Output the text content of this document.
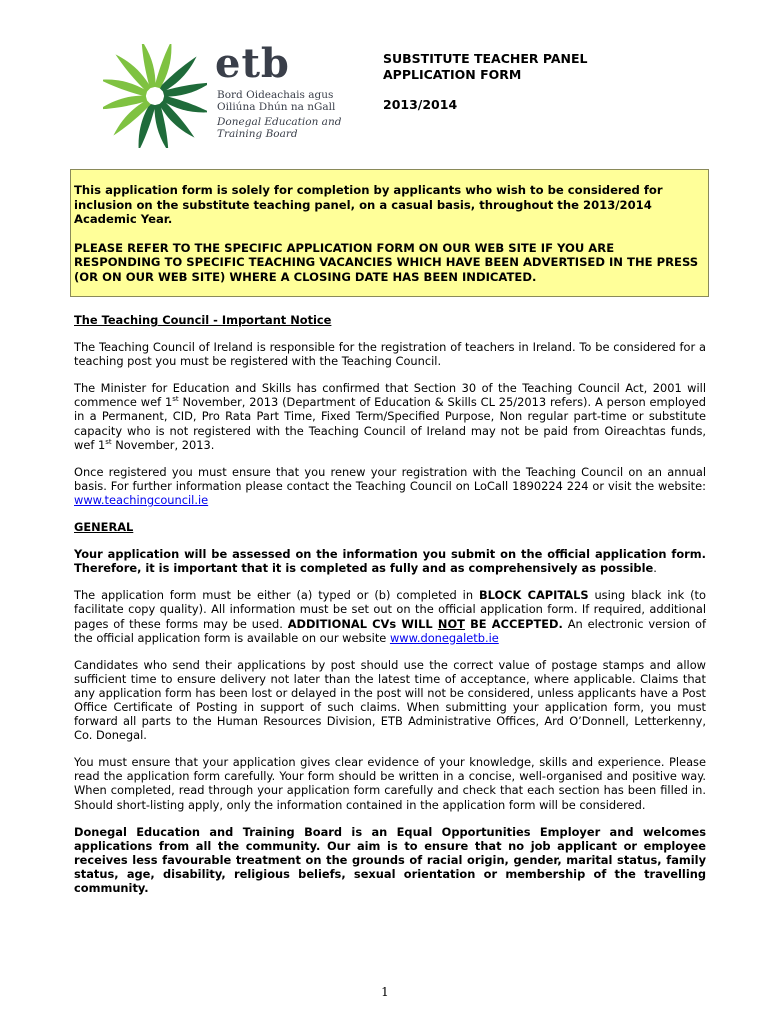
etb
Bord Oideachais agus
Oiliúna Dhún na nGall
Donegal Education and
Training Board
SUBSTITUTE TEACHER PANEL
APPLICATION FORM
2013/2014

This application form is solely for completion by applicants who wish to be considered for inclusion on the substitute teaching panel, on a casual basis, throughout the 2013/2014 Academic Year.

PLEASE REFER TO THE SPECIFIC APPLICATION FORM ON OUR WEB SITE IF YOU ARE RESPONDING TO SPECIFIC TEACHING VACANCIES WHICH HAVE BEEN ADVERTISED IN THE PRESS (OR ON OUR WEB SITE) WHERE A CLOSING DATE HAS BEEN INDICATED.

The Teaching Council - Important Notice

The Teaching Council of Ireland is responsible for the registration of teachers in Ireland. To be considered for a teaching post you must be registered with the Teaching Council.

The Minister for Education and Skills has confirmed that Section 30 of the Teaching Council Act, 2001 will commence wef 1st November, 2013 (Department of Education & Skills CL 25/2013 refers). A person employed in a Permanent, CID, Pro Rata Part Time, Fixed Term/Specified Purpose, Non regular part-time or substitute capacity who is not registered with the Teaching Council of Ireland may not be paid from Oireachtas funds, wef 1st November, 2013.

Once registered you must ensure that you renew your registration with the Teaching Council on an annual basis. For further information please contact the Teaching Council on LoCall 1890224 224 or visit the website: www.teachingcouncil.ie

GENERAL

Your application will be assessed on the information you submit on the official application form. Therefore, it is important that it is completed as fully and as comprehensively as possible.

The application form must be either (a) typed or (b) completed in BLOCK CAPITALS using black ink (to facilitate copy quality). All information must be set out on the official application form. If required, additional pages of these forms may be used. ADDITIONAL CVs WILL NOT BE ACCEPTED. An electronic version of the official application form is available on our website www.donegaletb.ie

Candidates who send their applications by post should use the correct value of postage stamps and allow sufficient time to ensure delivery not later than the latest time of acceptance, where applicable. Claims that any application form has been lost or delayed in the post will not be considered, unless applicants have a Post Office Certificate of Posting in support of such claims. When submitting your application form, you must forward all parts to the Human Resources Division, ETB Administrative Offices, Ard O’Donnell, Letterkenny, Co. Donegal.

You must ensure that your application gives clear evidence of your knowledge, skills and experience. Please read the application form carefully. Your form should be written in a concise, well-organised and positive way. When completed, read through your application form carefully and check that each section has been filled in. Should short-listing apply, only the information contained in the application form will be considered.

Donegal Education and Training Board is an Equal Opportunities Employer and welcomes applications from all the community. Our aim is to ensure that no job applicant or employee receives less favourable treatment on the grounds of racial origin, gender, marital status, family status, age, disability, religious beliefs, sexual orientation or membership of the travelling community.

1
